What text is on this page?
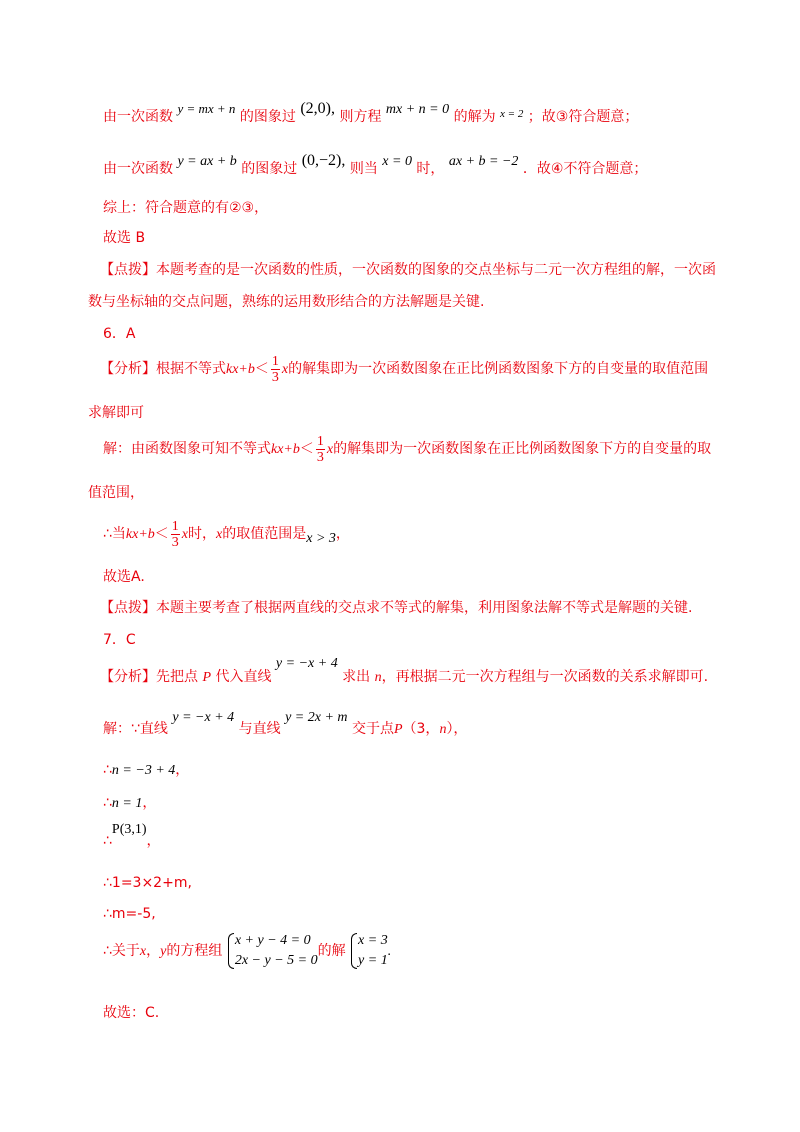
由一次函数 y = mx + n 的图象过 (2,0), 则方程 mx + n = 0 的解为 $^{x = 2}$ ；故③符合题意；
由一次函数 y = ax + b 的图象过 (0,−2), 则当 x = 0 时， ax + b = −2 ．故④不符合题意；
综上：符合题意的有②③，
故选 B
【点拨】本题考查的是一次函数的性质，一次函数的图象的交点坐标与二元一次方程组的解，一次函
数与坐标轴的交点问题，熟练的运用数形结合的方法解题是关键.
6．A
【分析】根据不等式$kx+b< \frac{1}{3}$ x的解集即为一次函数图象在正比例函数图象下方的自变量的取值范围
求解即可
解：由函数图象可知不等式$kx+b< \frac{1}{3}$ x的解集即为一次函数图象在正比例函数图象下方的自变量的取
值范围，
∴当$kx+b< \frac{1}{3}$ x时，x的取值范围是x > 3，
故选A.
【点拨】本题主要考查了根据两直线的交点求不等式的解集，利用图象法解不等式是解题的关键.
7．C
【分析】先把点 P 代入直线 y = −x + 4 求出 n，再根据二元一次方程组与一次函数的关系求解即可.
解：∵直线 y = −x + 4 与直线 y = 2x + m 交于点P（3，n），
∴n = −3 + 4，
∴n = 1，
∴P(3,1)，
∴1=3×2+m,
∴m=-5,
∴关于x，y的方程组
x + y − 4 = 0
2x − y − 5 = 0
的解
x = 3
y = 1
.
故选：C.
